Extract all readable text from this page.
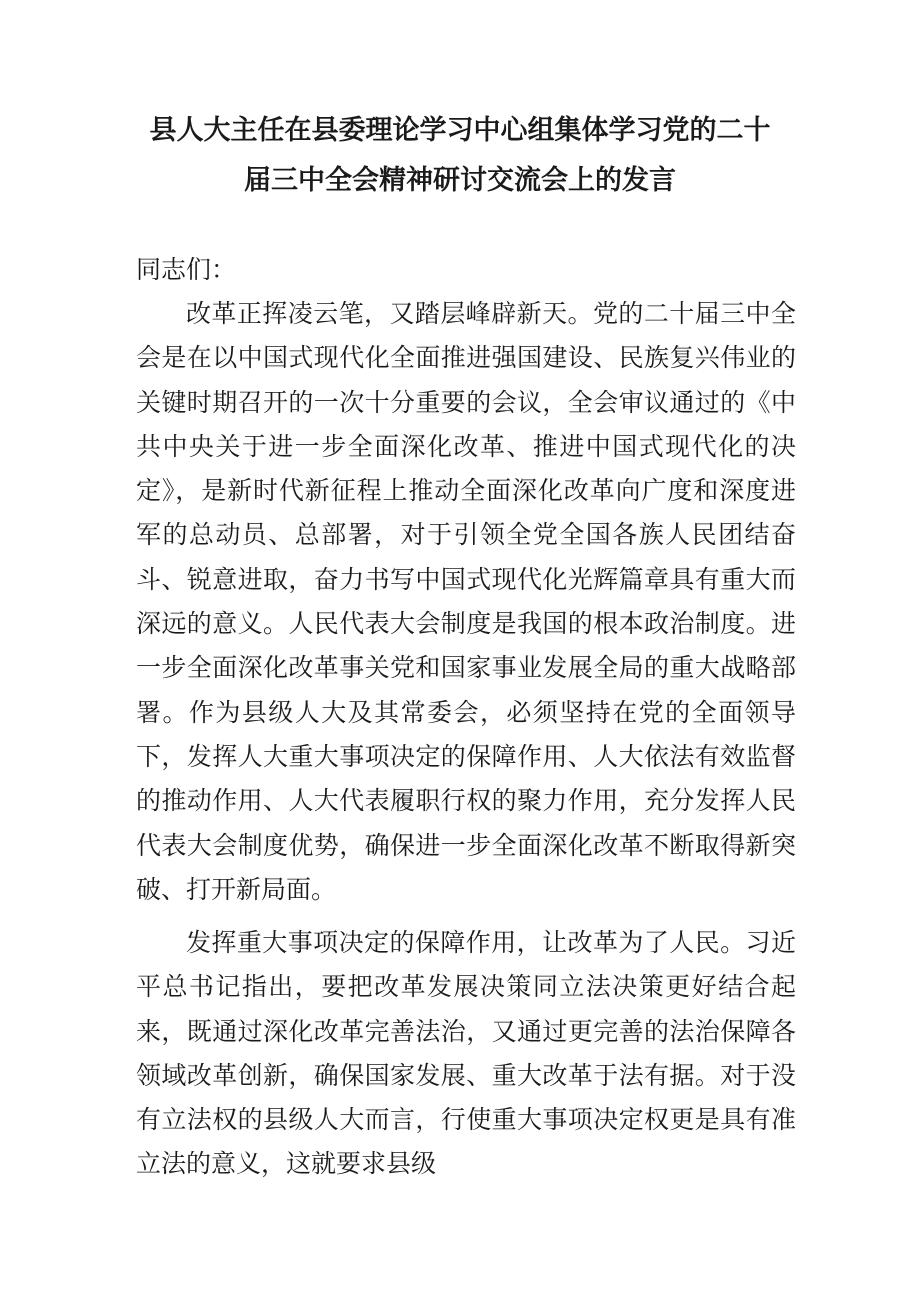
县人大主任在县委理论学习中心组集体学习党的二十
届三中全会精神研讨交流会上的发言

同志们：

改革正挥凌云笔，又踏层峰辟新天。党的二十届三中全会是在以中国式现代化全面推进强国建设、民族复兴伟业的关键时期召开的一次十分重要的会议，全会审议通过的《中共中央关于进一步全面深化改革、推进中国式现代化的决定》，是新时代新征程上推动全面深化改革向广度和深度进军的总动员、总部署，对于引领全党全国各族人民团结奋斗、锐意进取，奋力书写中国式现代化光辉篇章具有重大而深远的意义。人民代表大会制度是我国的根本政治制度。进一步全面深化改革事关党和国家事业发展全局的重大战略部署。作为县级人大及其常委会，必须坚持在党的全面领导下，发挥人大重大事项决定的保障作用、人大依法有效监督的推动作用、人大代表履职行权的聚力作用，充分发挥人民代表大会制度优势，确保进一步全面深化改革不断取得新突破、打开新局面。

发挥重大事项决定的保障作用，让改革为了人民。习近平总书记指出，要把改革发展决策同立法决策更好结合起来，既通过深化改革完善法治，又通过更完善的法治保障各领域改革创新，确保国家发展、重大改革于法有据。对于没有立法权的县级人大而言，行使重大事项决定权更是具有准立法的意义，这就要求县级
